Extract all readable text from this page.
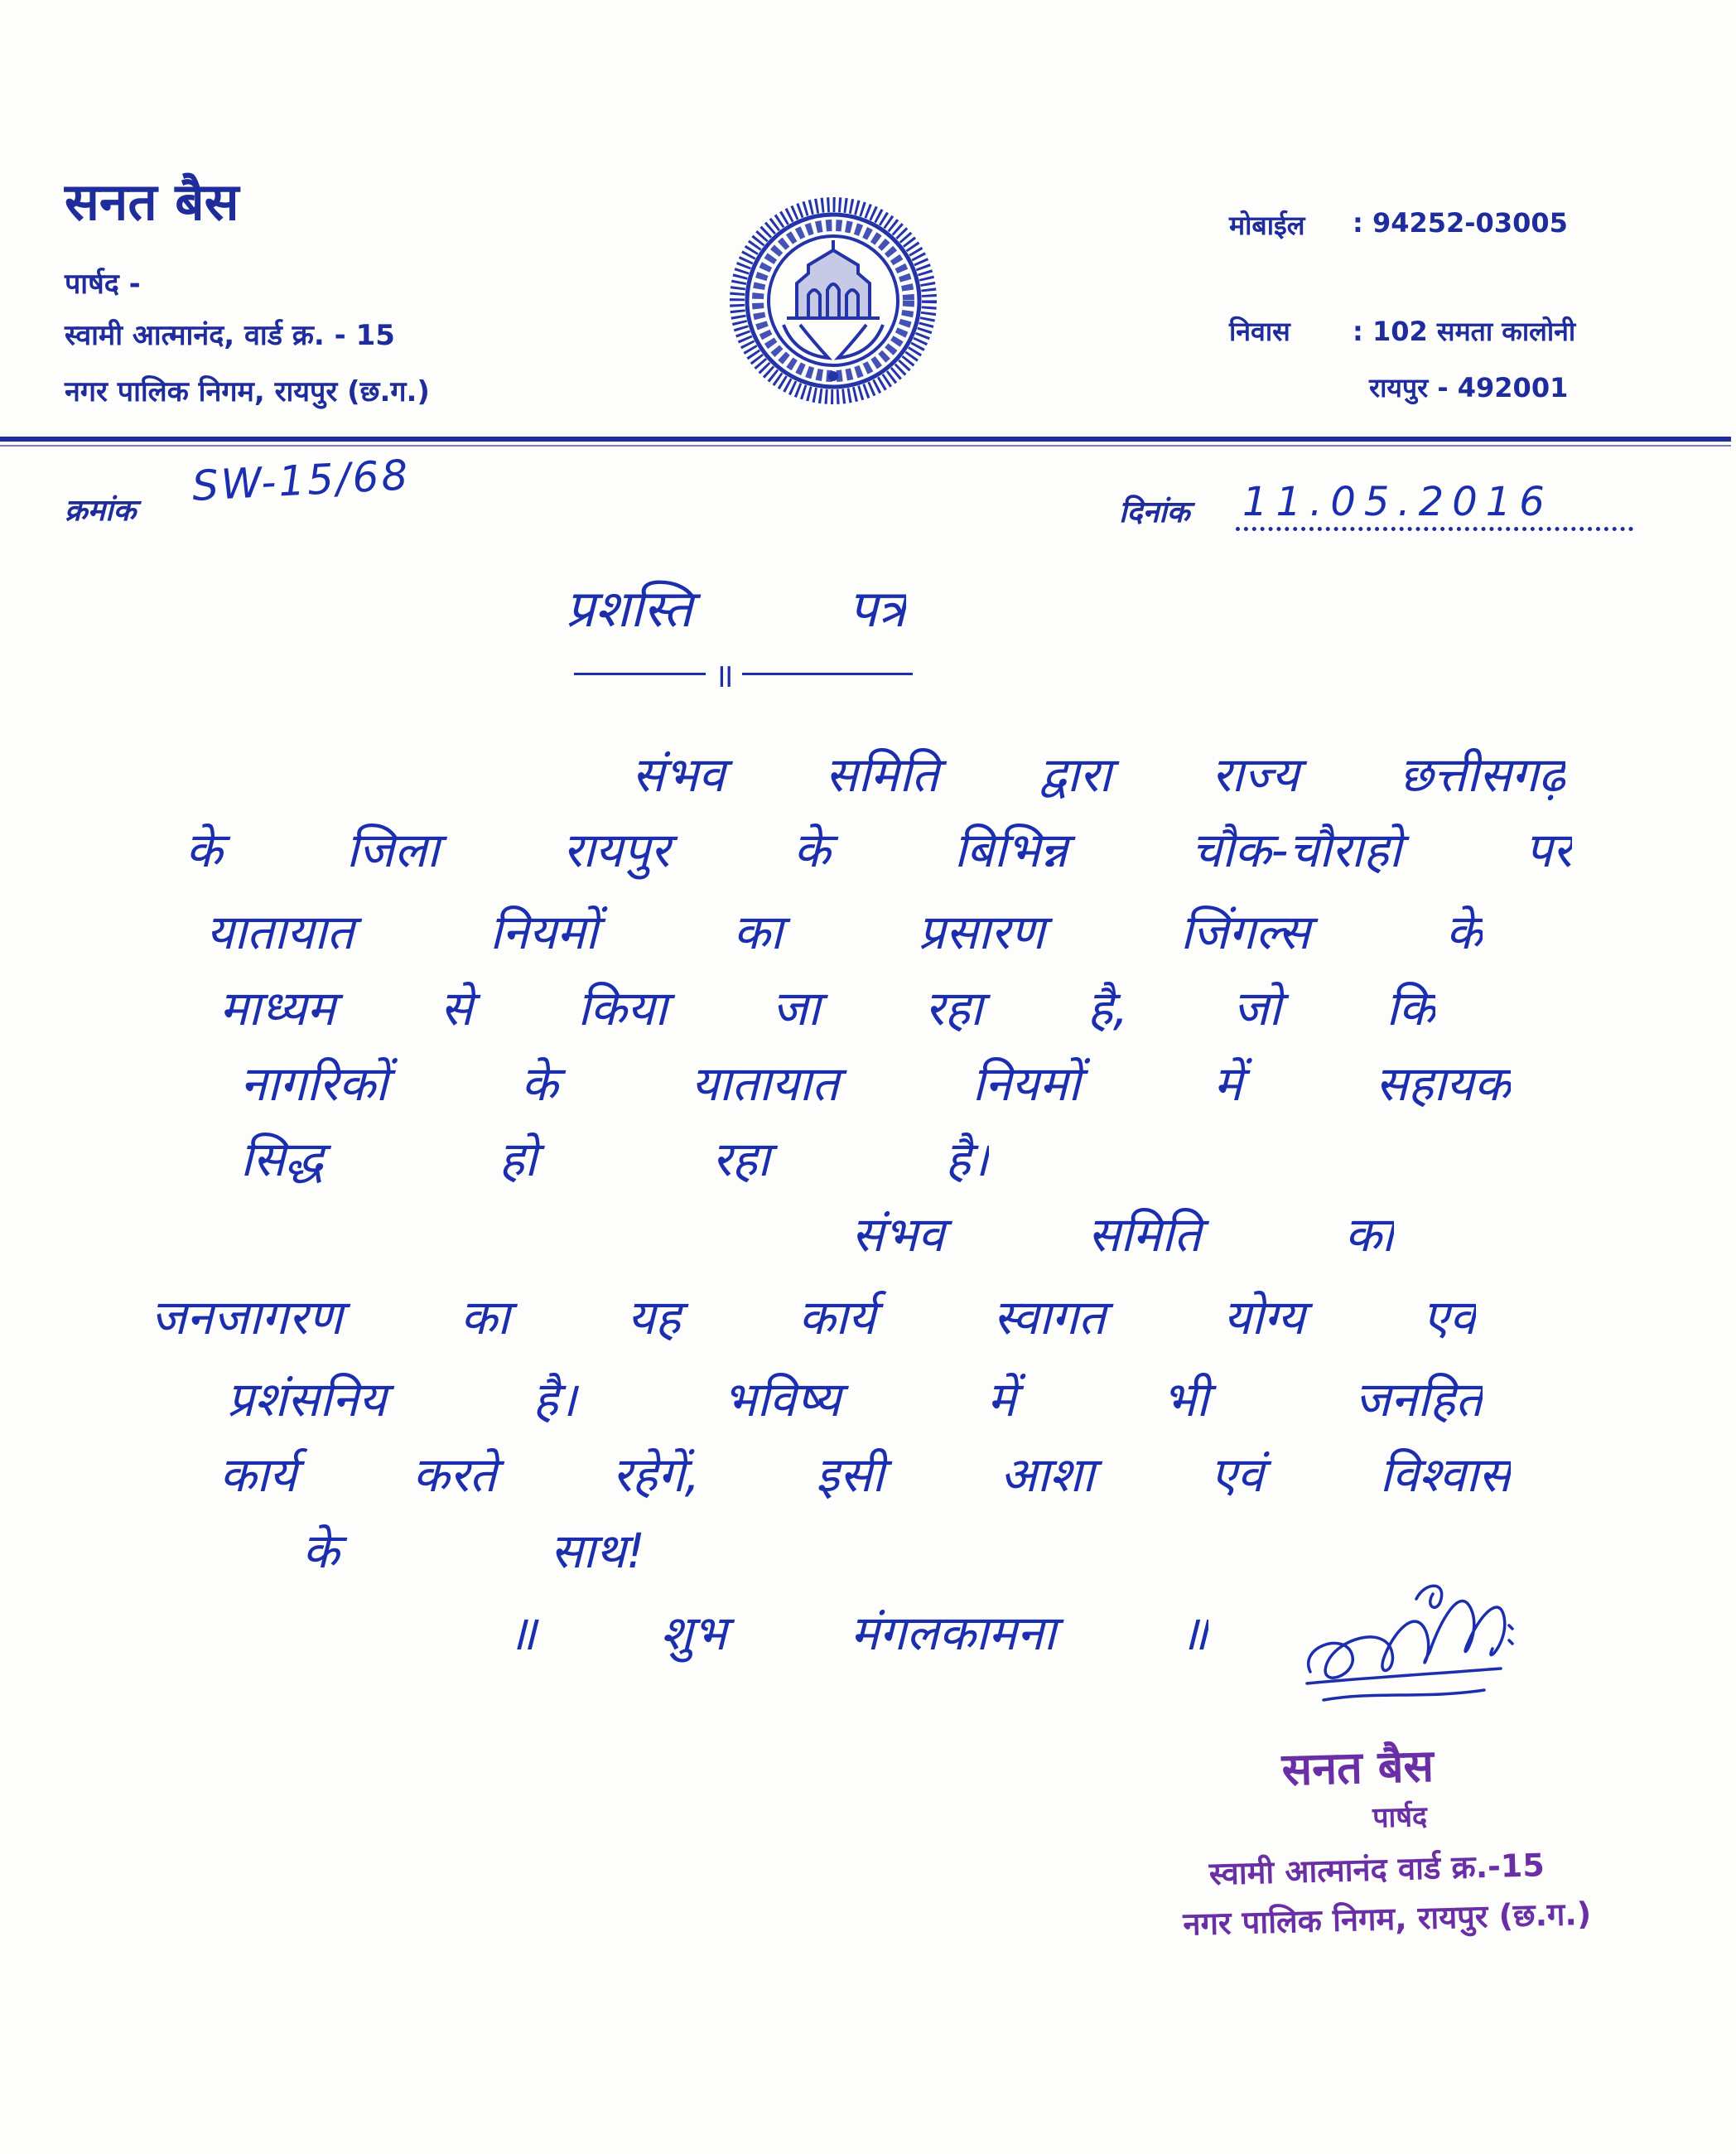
सनत बैस
पार्षद -
स्वामी आत्मानंद, वार्ड क्र. - 15
नगर पालिक निगम, रायपुर (छ.ग.)
मोबाईल : 94252-03005
निवास : 102 समता कालोनी
रायपुर - 492001
क्रमांक
SW-15/68
दिनांक 11.05.2016
प्रशस्ति पत्र
॥
संभव समिति द्वारा राज्य छत्तीसगढ़
के जिला रायपुर के बिभिन्न चौक-चौराहो पर
यातायात नियमों का प्रसारण जिंगल्स के
माध्यम से किया जा रहा है, जो कि
नागरिकों के यातायात नियमों में सहायक
सिद्ध हो रहा है।
संभव समिति का
जनजागरण का यह कार्य स्वागत योग्य एवं
प्रशंसनिय है। भविष्य में भी जनहित
कार्य करते रहेगें, इसी आशा एवं विश्वास
के साथ!
॥ शुभ मंगलकामना ॥
सनत बैस
पार्षद
स्वामी आत्मानंद वार्ड क्र.-15
नगर पालिक निगम, रायपुर (छ.ग.)
